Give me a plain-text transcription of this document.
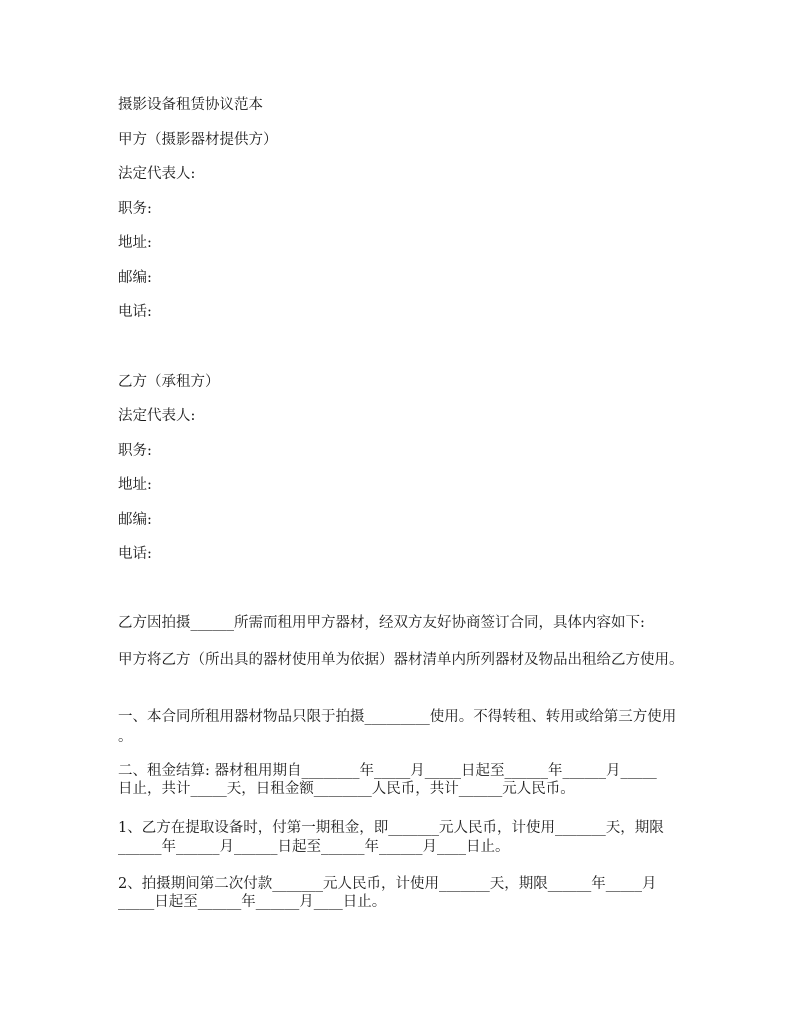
摄影设备租赁协议范本
甲方（摄影器材提供方）
法定代表人:
职务:
地址:
邮编:
电话:
乙方（承租方）
法定代表人:
职务:
地址:
邮编:
电话:
乙方因拍摄______所需而租用甲方器材，经双方友好协商签订合同，具体内容如下:
甲方将乙方（所出具的器材使用单为依据）器材清单内所列器材及物品出租给乙方使用。
一、本合同所租用器材物品只限于拍摄_________使用。不得转租、转用或给第三方使用
。
二、租金结算: 器材租用期自________年_____月_____日起至______年______月_____
日止，共计_____天，日租金额________人民币，共计______元人民币。
1、乙方在提取设备时，付第一期租金，即_______元人民币，计使用_______天，期限
______年______月______日起至______年______月____日止。
2、拍摄期间第二次付款_______元人民币，计使用_______天，期限______年_____月
_____日起至______年______月____日止。
